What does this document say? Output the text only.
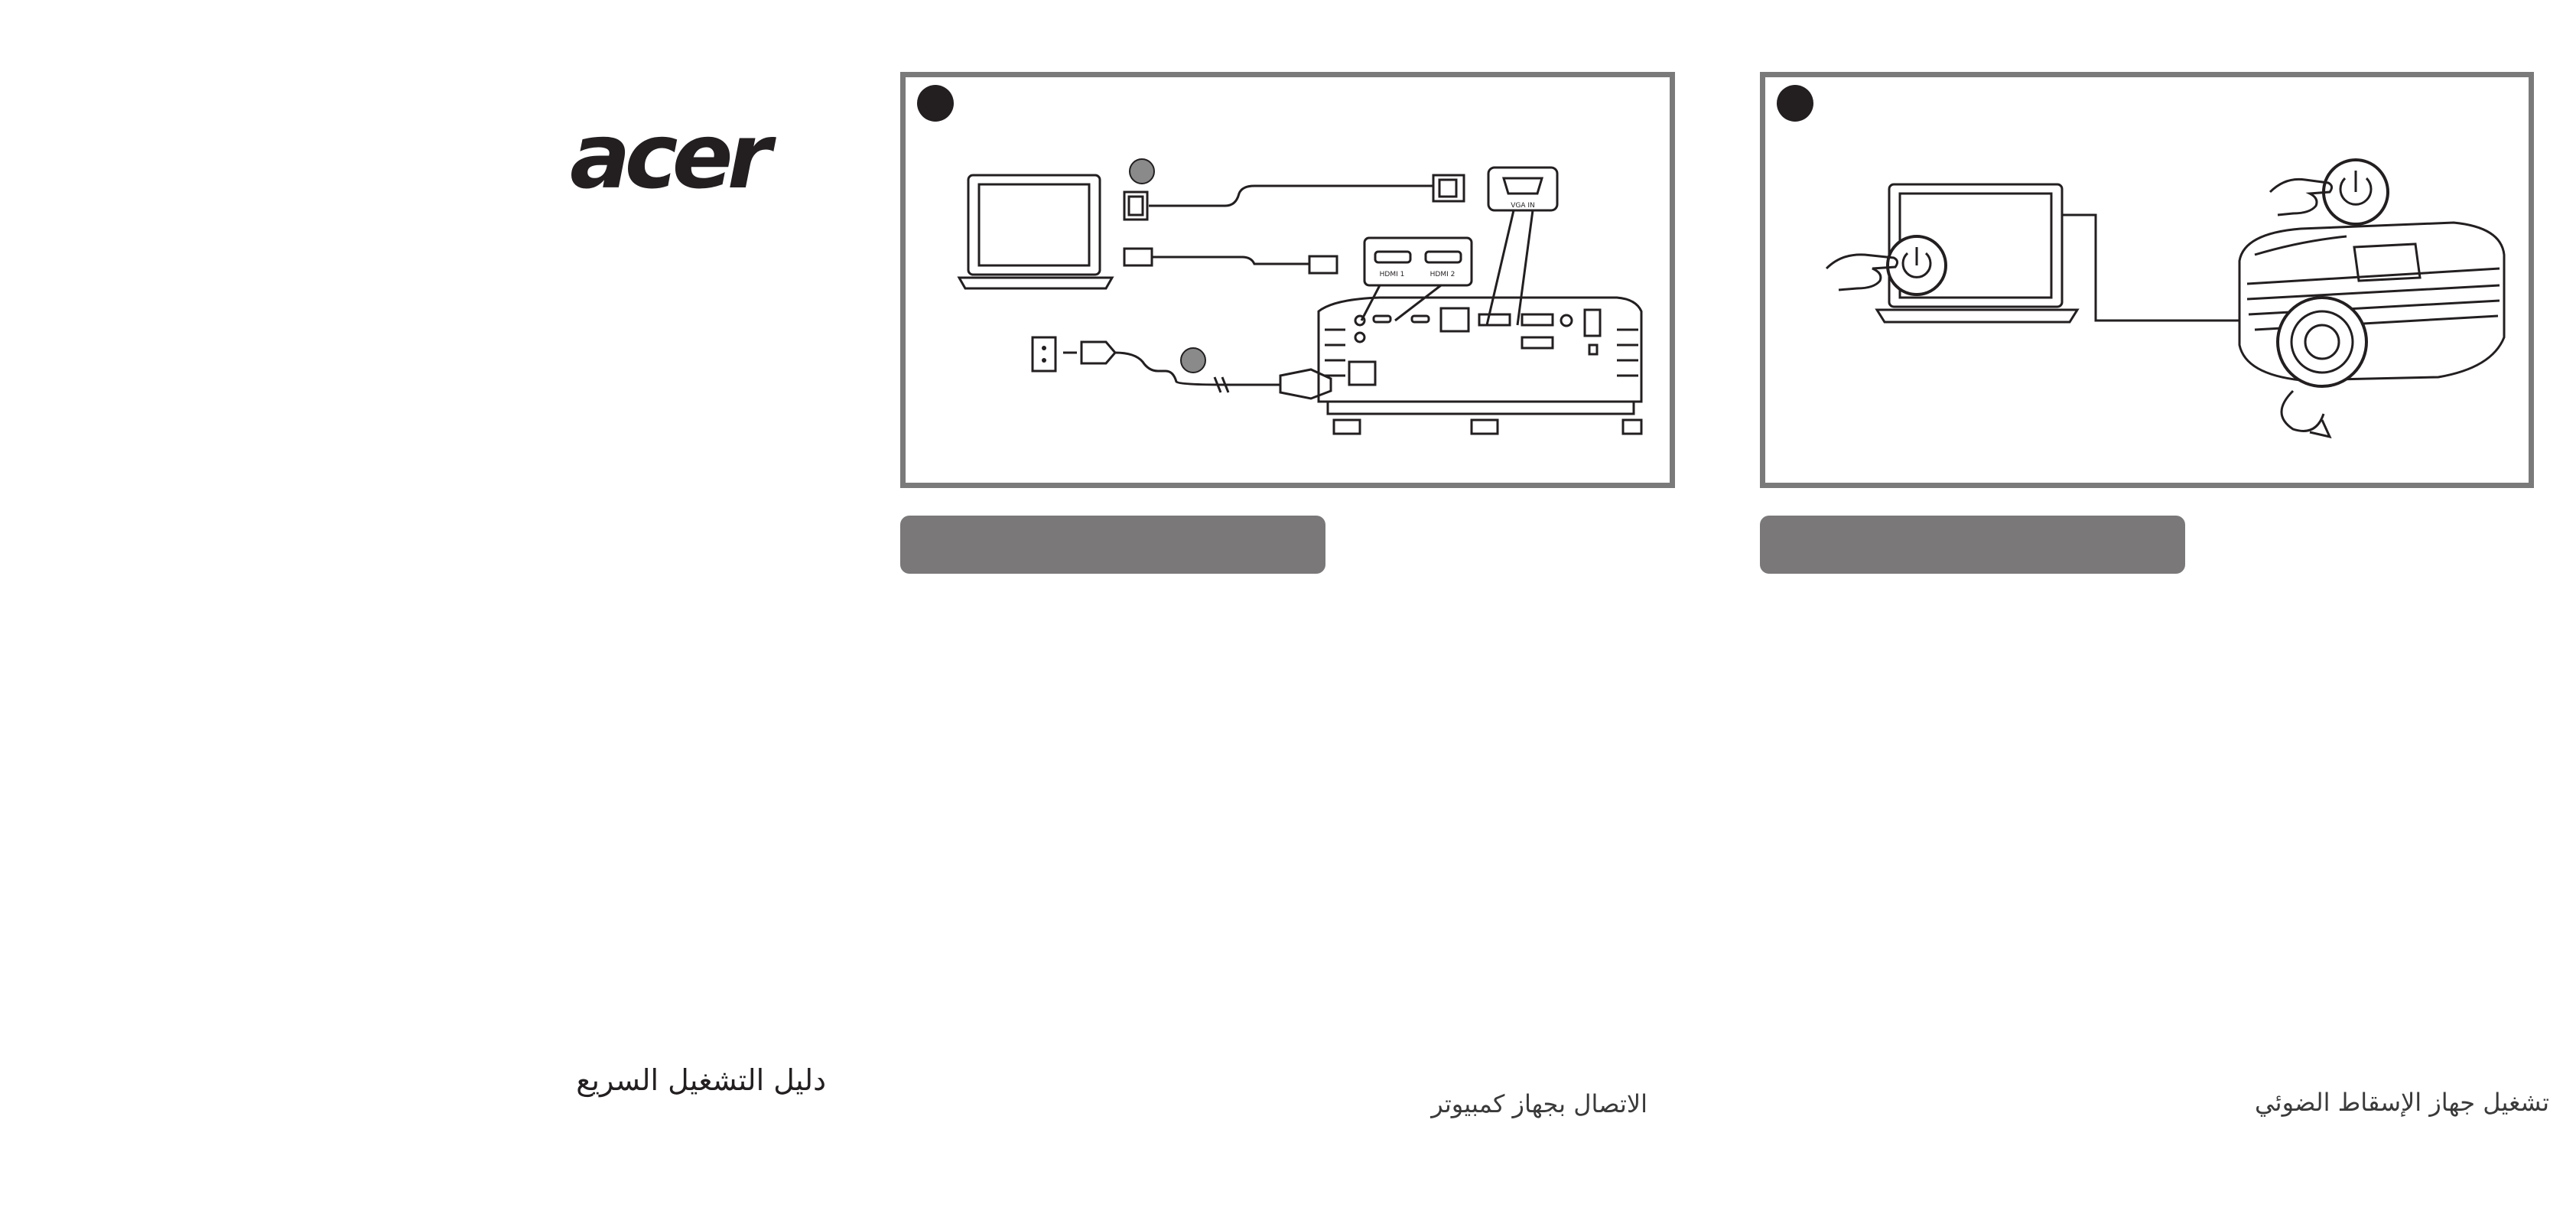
acer	VGA IN
HDMI 1	HDMI 2
دليل التشغيل السريع
الاتصال بجهاز كمبيوتر	تشغيل جهاز الإسقاط الضوئي
